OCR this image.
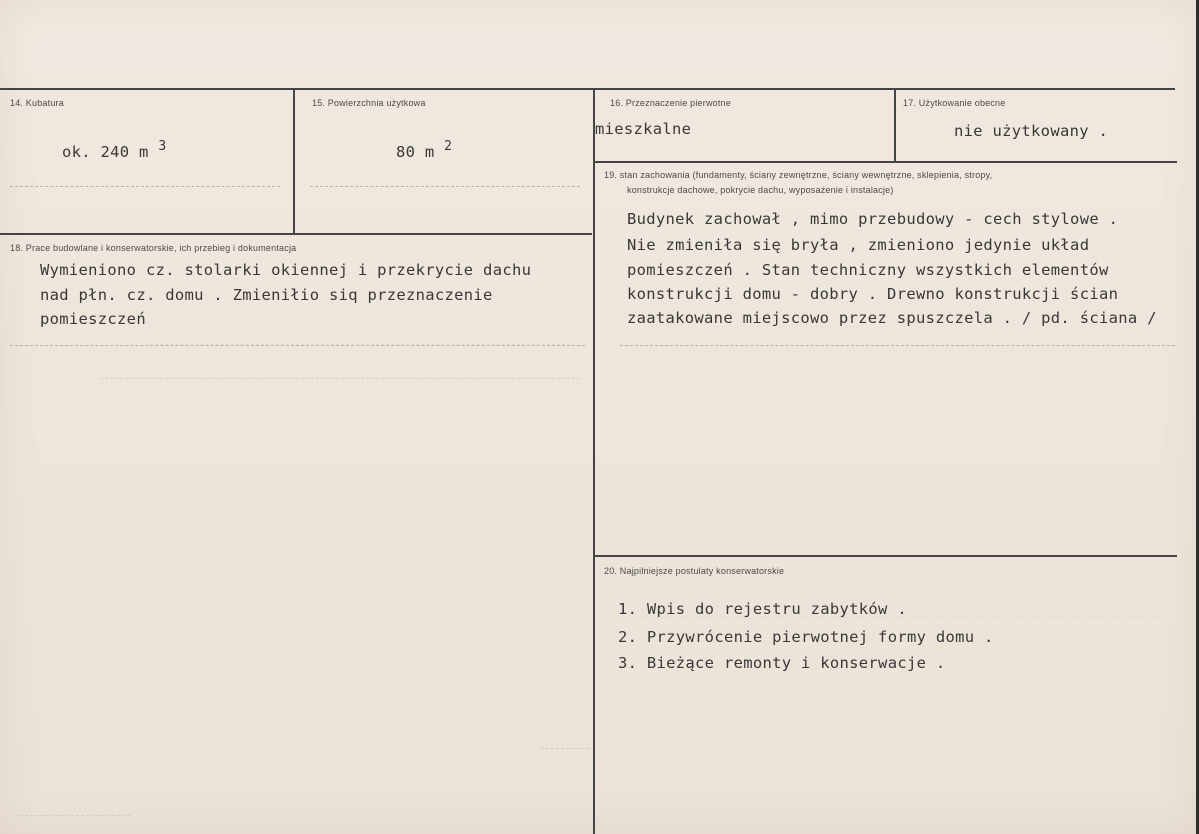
14. Kubatura
ok. 240 m $^3$
15. Powierzchnia użytkowa
80 m $^2$
16. Przeznaczenie pierwotne
mieszkalne
17. Użytkowanie obecne
nie użytkowany .
18. Prace budowlane i konserwatorskie, ich przebieg i dokumentacja
Wymieniono cz. stolarki okiennej i przekrycie dachu
nad płn. cz. domu . Zmieniłio siq przeznaczenie
pomieszczeń
19. stan zachowania (fundamenty, ściany zewnętrzne, ściany wewnętrzne, sklepienia, stropy,
konstrukcje dachowe, pokrycie dachu, wyposażenie i instalacje)
Budynek zachował , mimo przebudowy - cech stylowe .
Nie zmieniła się bryła , zmieniono jedynie układ
pomieszczeń . Stan techniczny wszystkich elementów
konstrukcji domu - dobry . Drewno konstrukcji ścian
zaatakowane miejscowo przez spuszczela . / pd. ściana /
20. Najpilniejsze postulaty konserwatorskie
1. Wpis do rejestru zabytków .
2. Przywrócenie pierwotnej formy domu .
3. Bieżące remonty i konserwacje .
